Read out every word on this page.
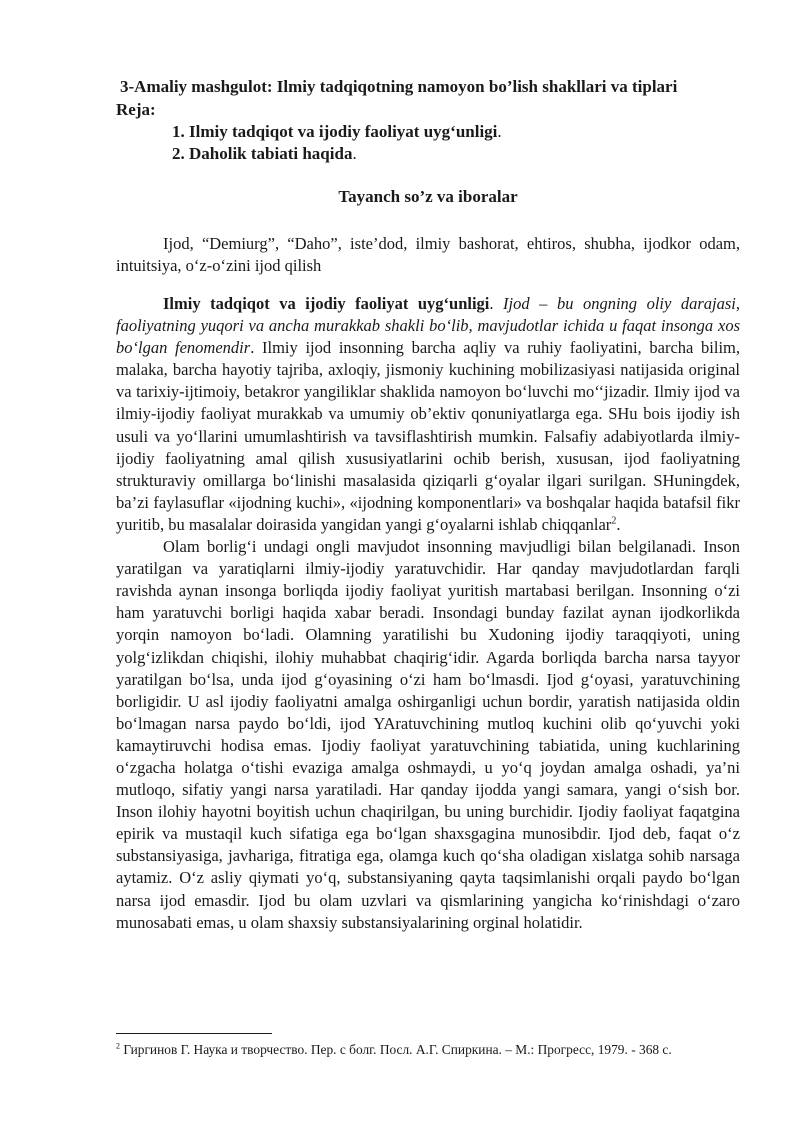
3-Amaliy mashgulot: Ilmiy tadqiqotning namoyon bo’lish shakllari va tiplari
Reja:
1. Ilmiy tadqiqot va ijodiy faoliyat uyg‘unligi.
2. Daholik tabiati haqida.
Tayanch so’z va iboralar
Ijod, “Demiurg”, “Daho”, iste’dod, ilmiy bashorat, ehtiros, shubha, ijodkor odam, intuitsiya, o‘z-o‘zini ijod qilish

Ilmiy tadqiqot va ijodiy faoliyat uyg‘unligi. Ijod – bu ongning oliy darajasi, faoliyatning yuqori va ancha murakkab shakli bo‘lib, mavjudotlar ichida u faqat insonga xos bo‘lgan fenomendir. Ilmiy ijod insonning barcha aqliy va ruhiy faoliyatini, barcha bilim, malaka, barcha hayotiy tajriba, axloqiy, jismoniy kuchining mobilizasiyasi natijasida original va tarixiy-ijtimoiy, betakror yangiliklar shaklida namoyon bo‘luvchi mo‘‘jizadir. Ilmiy ijod va ilmiy-ijodiy faoliyat murakkab va umumiy ob’ektiv qonuniyatlarga ega. SHu bois ijodiy ish usuli va yo‘llarini umumlashtirish va tavsiflashtirish mumkin. Falsafiy adabiyotlarda ilmiy-ijodiy faoliyatning amal qilish xususiyatlarini ochib berish, xususan, ijod faoliyatning strukturaviy omillarga bo‘linishi masalasida qiziqarli g‘oyalar ilgari surilgan. SHuningdek, ba’zi faylasuflar «ijodning kuchi», «ijodning komponentlari» va boshqalar haqida batafsil fikr yuritib, bu masalalar doirasida yangidan yangi g‘oyalarni ishlab chiqqanlar$^2$.

Olam borlig‘i undagi ongli mavjudot insonning mavjudligi bilan belgilanadi. Inson yaratilgan va yaratiqlarni ilmiy-ijodiy yaratuvchidir. Har qanday mavjudotlardan farqli ravishda aynan insonga borliqda ijodiy faoliyat yuritish martabasi berilgan. Insonning o‘zi ham yaratuvchi borligi haqida xabar beradi. Insondagi bunday fazilat aynan ijodkorlikda yorqin namoyon bo‘ladi. Olamning yaratilishi bu Xudoning ijodiy taraqqiyoti, uning yolg‘izlikdan chiqishi, ilohiy muhabbat chaqirig‘idir. Agarda borliqda barcha narsa tayyor yaratilgan bo‘lsa, unda ijod g‘oyasining o‘zi ham bo‘lmasdi. Ijod g‘oyasi, yaratuvchining borligidir. U asl ijodiy faoliyatni amalga oshirganligi uchun bordir, yaratish natijasida oldin bo‘lmagan narsa paydo bo‘ldi, ijod YAratuvchining mutloq kuchini olib qo‘yuvchi yoki kamaytiruvchi hodisa emas. Ijodiy faoliyat yaratuvchining tabiatida, uning kuchlarining o‘zgacha holatga o‘tishi evaziga amalga oshmaydi, u yo‘q joydan amalga oshadi, ya’ni mutloqo, sifatiy yangi narsa yaratiladi. Har qanday ijodda yangi samara, yangi o‘sish bor. Inson ilohiy hayotni boyitish uchun chaqirilgan, bu uning burchidir. Ijodiy faoliyat faqatgina epirik va mustaqil kuch sifatiga ega bo‘lgan shaxsgagina munosibdir. Ijod deb, faqat o‘z substansiyasiga, javhariga, fitratiga ega, olamga kuch qo‘sha oladigan xislatga sohib narsaga aytamiz. O‘z asliy qiymati yo‘q, substansiyaning qayta taqsimlanishi orqali paydo bo‘lgan narsa ijod emasdir. Ijod bu olam uzvlari va qismlarining yangicha ko‘rinishdagi o‘zaro munosabati emas, u olam shaxsiy substansiyalarining orginal holatidir.

$^2$ Гиргинов Г. Наука и творчество. Пер. с болг. Посл. А.Г. Спиркина. – М.: Прогресс, 1979. - 368 с.
